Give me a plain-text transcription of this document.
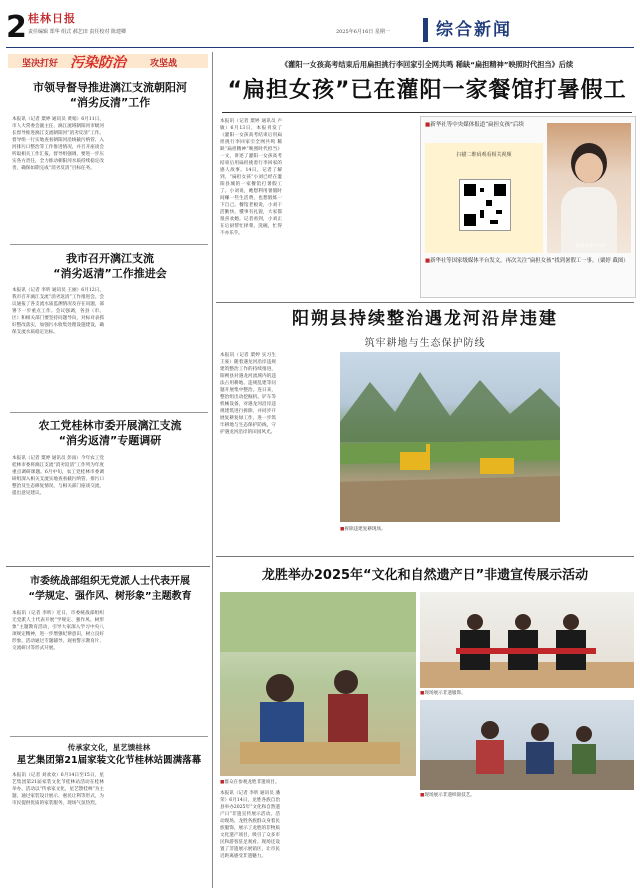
2 桂林日报
责任编辑 郑华 组式 郝艺田 责任校对 陈建卿	2025年6月16日 星期一	综合新闻
坚决打好 污染防治	攻坚战
市领导督导推进漓江支流朝阳河
“消劣反清”工作
本报讯（记者 粟婷 通讯员 黄娟）6月11日，市人大常委会副主任、漓江流域朝阳河市级河长督导推进漓江支流朝阳河“消劣反清”工作。督导组一行实地查看朝阳河沿线截污纳管、入河排污口整治等工作推进情况，并召开座谈会听取相关工作汇报。督导组强调，要进一步压实各方责任，全力推动朝阳河水质持续稳定改善，确保如期完成“消劣反清”目标任务。
我市召开漓江支流
“消劣返清”工作推进会
本报讯（记者 李昕 通讯员 王丽）6月12日，我市召开漓江支流“消劣返清”工作推进会。会议通报了各支流水质监测情况及存在问题，部署下一步重点工作。会议强调，各县（市、区）和相关部门要坚持问题导向，对标对表抓好整改落实，加强污水收集处理设施建设，确保支流水质稳定达标。
农工党桂林市委开展漓江支流
“消劣返清”专题调研
本报讯（记者 粟婷 通讯员 彭雨）今年农工党桂林市委将漓江支流“消劣返清”工作列为年度重点调研课题。6月中旬，农工党桂林市委调研组深入相关支流实地查看截污纳管、排污口整治及生态修复情况，与相关部门座谈交流，提出意见建议。
市委统战部组织无党派人士代表开展
“学规定、强作风、树形象”主题教育
本报讯（记者 李昕）近日，市委统战部组织无党派人士代表开展“学规定、强作风、树形象”主题教育活动，引导大家深入学习中央八项规定精神，进一步增强纪律意识，树立良好形象。活动通过专题辅导、观看警示教育片、交流研讨等形式开展。
传承家文化，星艺馈桂林
星艺集团第21届家装文化节桂林站圆满落幕
本报讯（记者 刘欢欢）6月14日至15日，星艺集团第21届家装文化节桂林站活动在桂林举办。活动以“传承家文化，星艺馈桂林”为主题，通过家装设计展示、惠民让利等形式，为市民提供优质的家装服务，现场气氛热烈。
《灌阳一女孩高考结束后用扁担挑行李回家引全网共鸣 稀缺“扁担精神”映照时代担当》后续
“扁担女孩”已在灌阳一家餐馆打暑假工
本报讯（记者 粟婷 通讯员 卢敏）6月13日，本报刊发了《灌阳一女孩高考结束后用扁担挑行李回家引全网共鸣 稀缺“扁担精神”映照时代担当》一文，讲述了灌阳一女孩高考结束后用扁担挑着行李回家的感人故事。14日，记者了解到，“扁担女孩”小刘已经在灌阳县城的一家餐馆打暑假工了。小刘说，她想利用暑假时间赚一些生活费，也想锻炼一下自己。餐馆老板说，小刘干活勤快、懂事有礼貌，大家都很喜欢她。记者看到，小刘正在后厨帮忙择菜、洗碗，忙得不亦乐乎。
■新华社等中央媒体报道“扁担女孩”后续
扫描二维码观看相关视频
“扁担女孩”小刘
■新华社等国家级媒体平台发文，再次关注“扁担女孩”找到暑假工一事。（粟婷 截图）
阳朔县持续整治遇龙河沿岸违建
筑牢耕地与生态保护防线
本报讯（记者 粟婷 实习生 王豪）随着遇龙河沿岸违规建筑整治工作的持续推进，阳朔县对遇龙河流域内的违法占用耕地、违规乱建等问题开展集中整治。连日来，整治组出动挖掘机、铲车等机械设备，对遇龙河沿岸违规建筑进行拆除，并同步开展复耕复绿工作，进一步筑牢耕地与生态保护防线，守护遇龙河沿岸的田园风光。
■拆除违建复耕现场。
龙胜举办2025年“文化和自然遗产日”非遗宣传展示活动
■群众在参观龙胜非遗项目。
■现场展示非遗服饰。
■现场展示非遗织锦技艺。
本报讯（记者 李昕 通讯员 潘荣）6月14日，龙胜各族自治县举办2025年“文化和自然遗产日”非遗宣传展示活动。活动现场，龙胜各族群众身着民族服饰，展示了龙胜的非物质文化遗产项目，吸引了众多市民和游客驻足观看。现场还设置了非遗展示展销区，让市民近距离感受非遗魅力。
